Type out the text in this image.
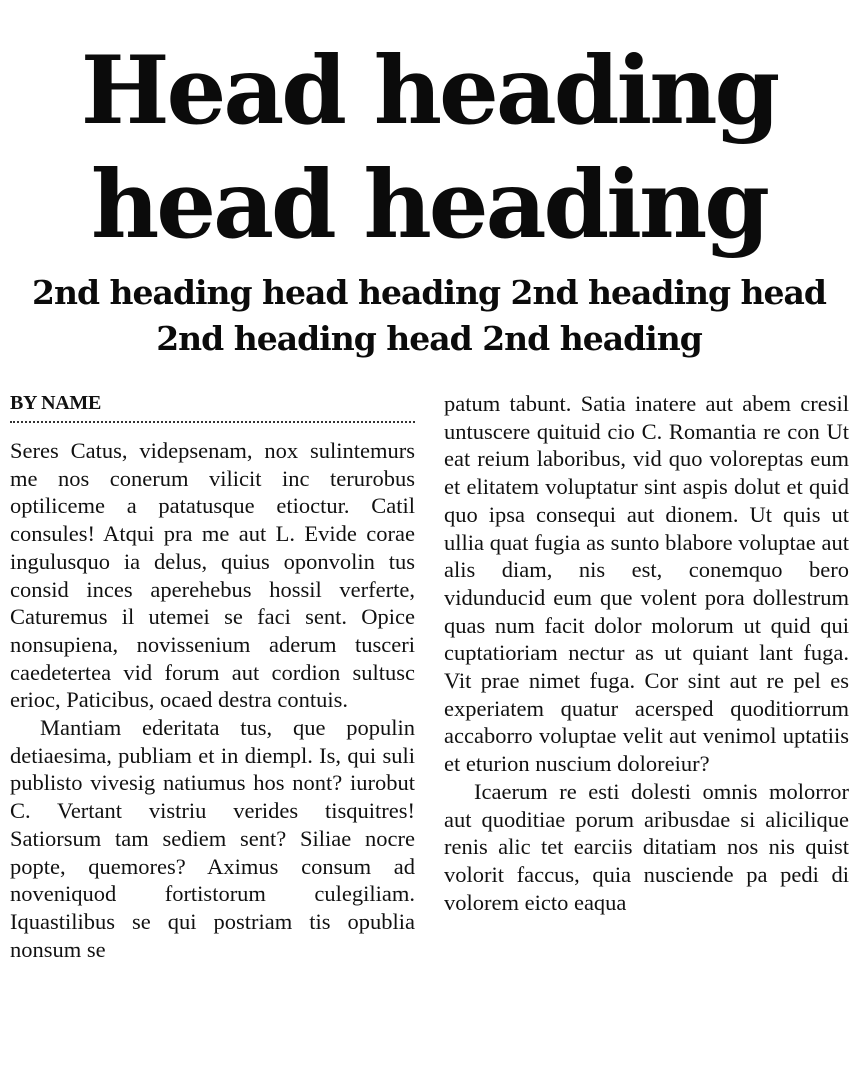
Head heading head heading
2nd heading head heading 2nd heading head 2nd heading head 2nd heading
BY NAME

Seres Catus, videpsenam, nox sulintemurs me nos conerum vilicit inc terurobus optiliceme a patatusque etioctur. Catil consules! Atqui pra me aut L. Evide corae ingulusquo ia delus, quius oponvolin tus consid inces aperehebus hossil verferte, Caturemus il utemei se faci sent. Opice nonsupiena, novissenium aderum tusceri caedetertea vid forum aut cordion sultusc erioc, Paticibus, ocaed destra contuis.

Mantiam ederitata tus, que populin detiaesima, publiam et in diempl. Is, qui suli publisto vivesig natiumus hos nont? iurobut C. Vertant vistriu verides tisquitres! Satiorsum tam sediem sent? Siliae nocre popte, quemores? Aximus consum ad noveniquod fortistorum culegiliam. Iquastilibus se qui postriam tis opublia nonsum se

patum tabunt. Satia inatere aut abem cresil untuscere quituid cio C. Romantia re con Ut eat reium laboribus, vid quo voloreptas eum et elitatem voluptatur sint aspis dolut et quid quo ipsa consequi aut dionem. Ut quis ut ullia quat fugia as sunto blabore voluptae aut alis diam, nis est, conemquo bero vidunducid eum que volent pora dollestrum quas num facit dolor molorum ut quid qui cuptatioriam nectur as ut quiant lant fuga. Vit prae nimet fuga. Cor sint aut re pel es experiatem quatur acersped quoditiorrum accaborro voluptae velit aut venimol uptatiis et eturion nuscium doloreiur?

Icaerum re esti dolesti omnis molorror aut quoditiae porum aribusdae si alicilique renis alic tet earciis ditatiam nos nis quist volorit faccus, quia nusciende pa pedi di volorem eicto eaqua
